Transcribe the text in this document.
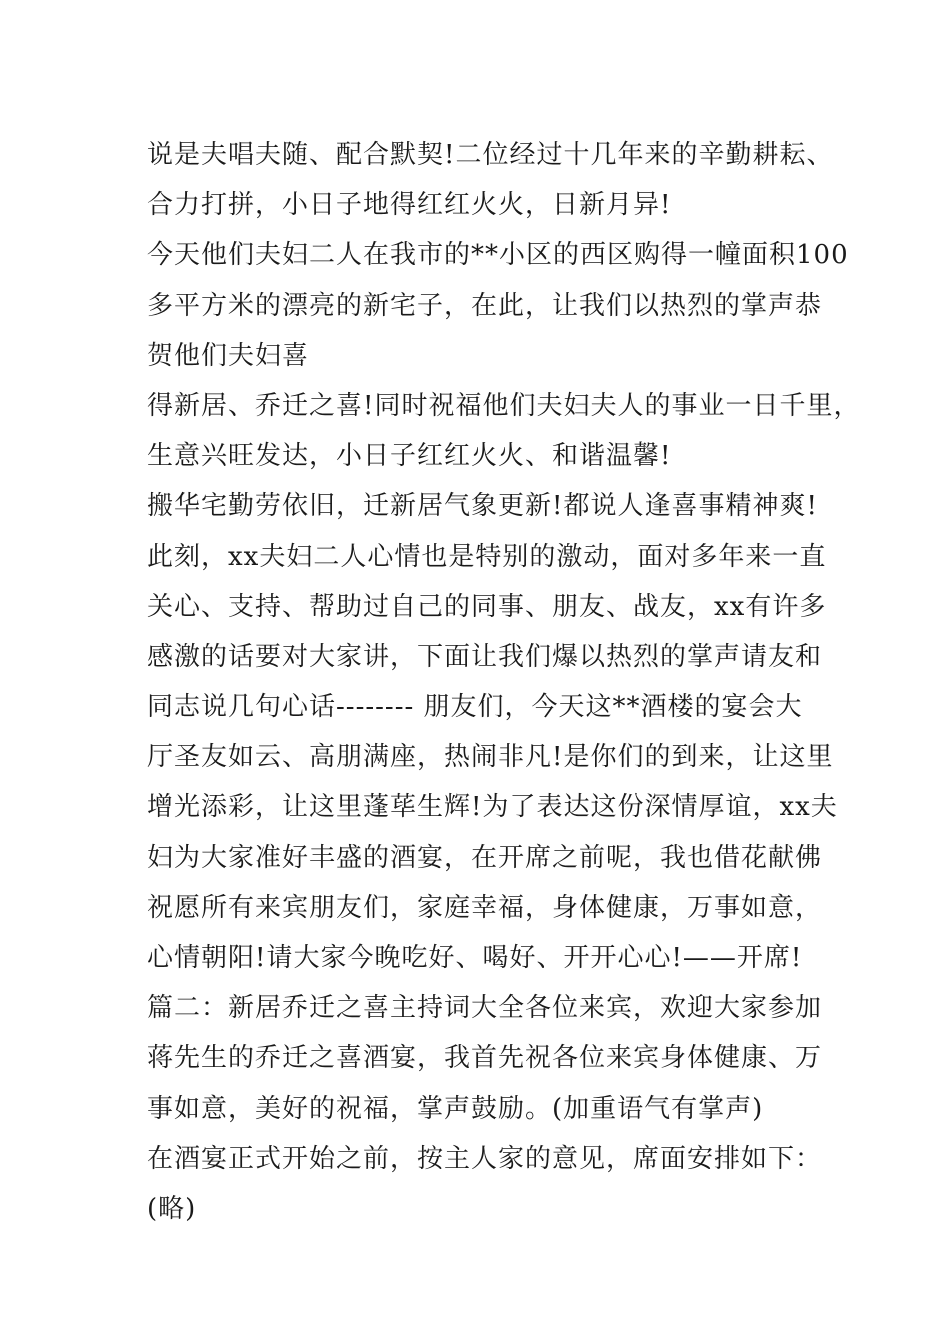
说是夫唱夫随、配合默契!二位经过十几年来的辛勤耕耘、
合力打拼，小日子地得红红火火，日新月异!
今天他们夫妇二人在我市的**小区的西区购得一幢面积100
多平方米的漂亮的新宅子，在此，让我们以热烈的掌声恭
贺他们夫妇喜
得新居、乔迁之喜!同时祝福他们夫妇夫人的事业一日千里，
生意兴旺发达，小日子红红火火、和谐温馨!
搬华宅勤劳依旧，迁新居气象更新!都说人逢喜事精神爽!
此刻，xx夫妇二人心情也是特别的激动，面对多年来一直
关心、支持、帮助过自己的同事、朋友、战友，xx有许多
感激的话要对大家讲，下面让我们爆以热烈的掌声请友和
同志说几句心话-------- 朋友们，今天这**酒楼的宴会大
厅圣友如云、高朋满座，热闹非凡!是你们的到来，让这里
增光添彩，让这里蓬荜生辉!为了表达这份深情厚谊，xx夫
妇为大家准好丰盛的酒宴，在开席之前呢，我也借花献佛
祝愿所有来宾朋友们，家庭幸福，身体健康，万事如意，
心情朝阳!请大家今晚吃好、喝好、开开心心!——开席!
篇二：新居乔迁之喜主持词大全各位来宾，欢迎大家参加
蒋先生的乔迁之喜酒宴，我首先祝各位来宾身体健康、万
事如意，美好的祝福，掌声鼓励。(加重语气有掌声)
在酒宴正式开始之前，按主人家的意见，席面安排如下：
(略)
